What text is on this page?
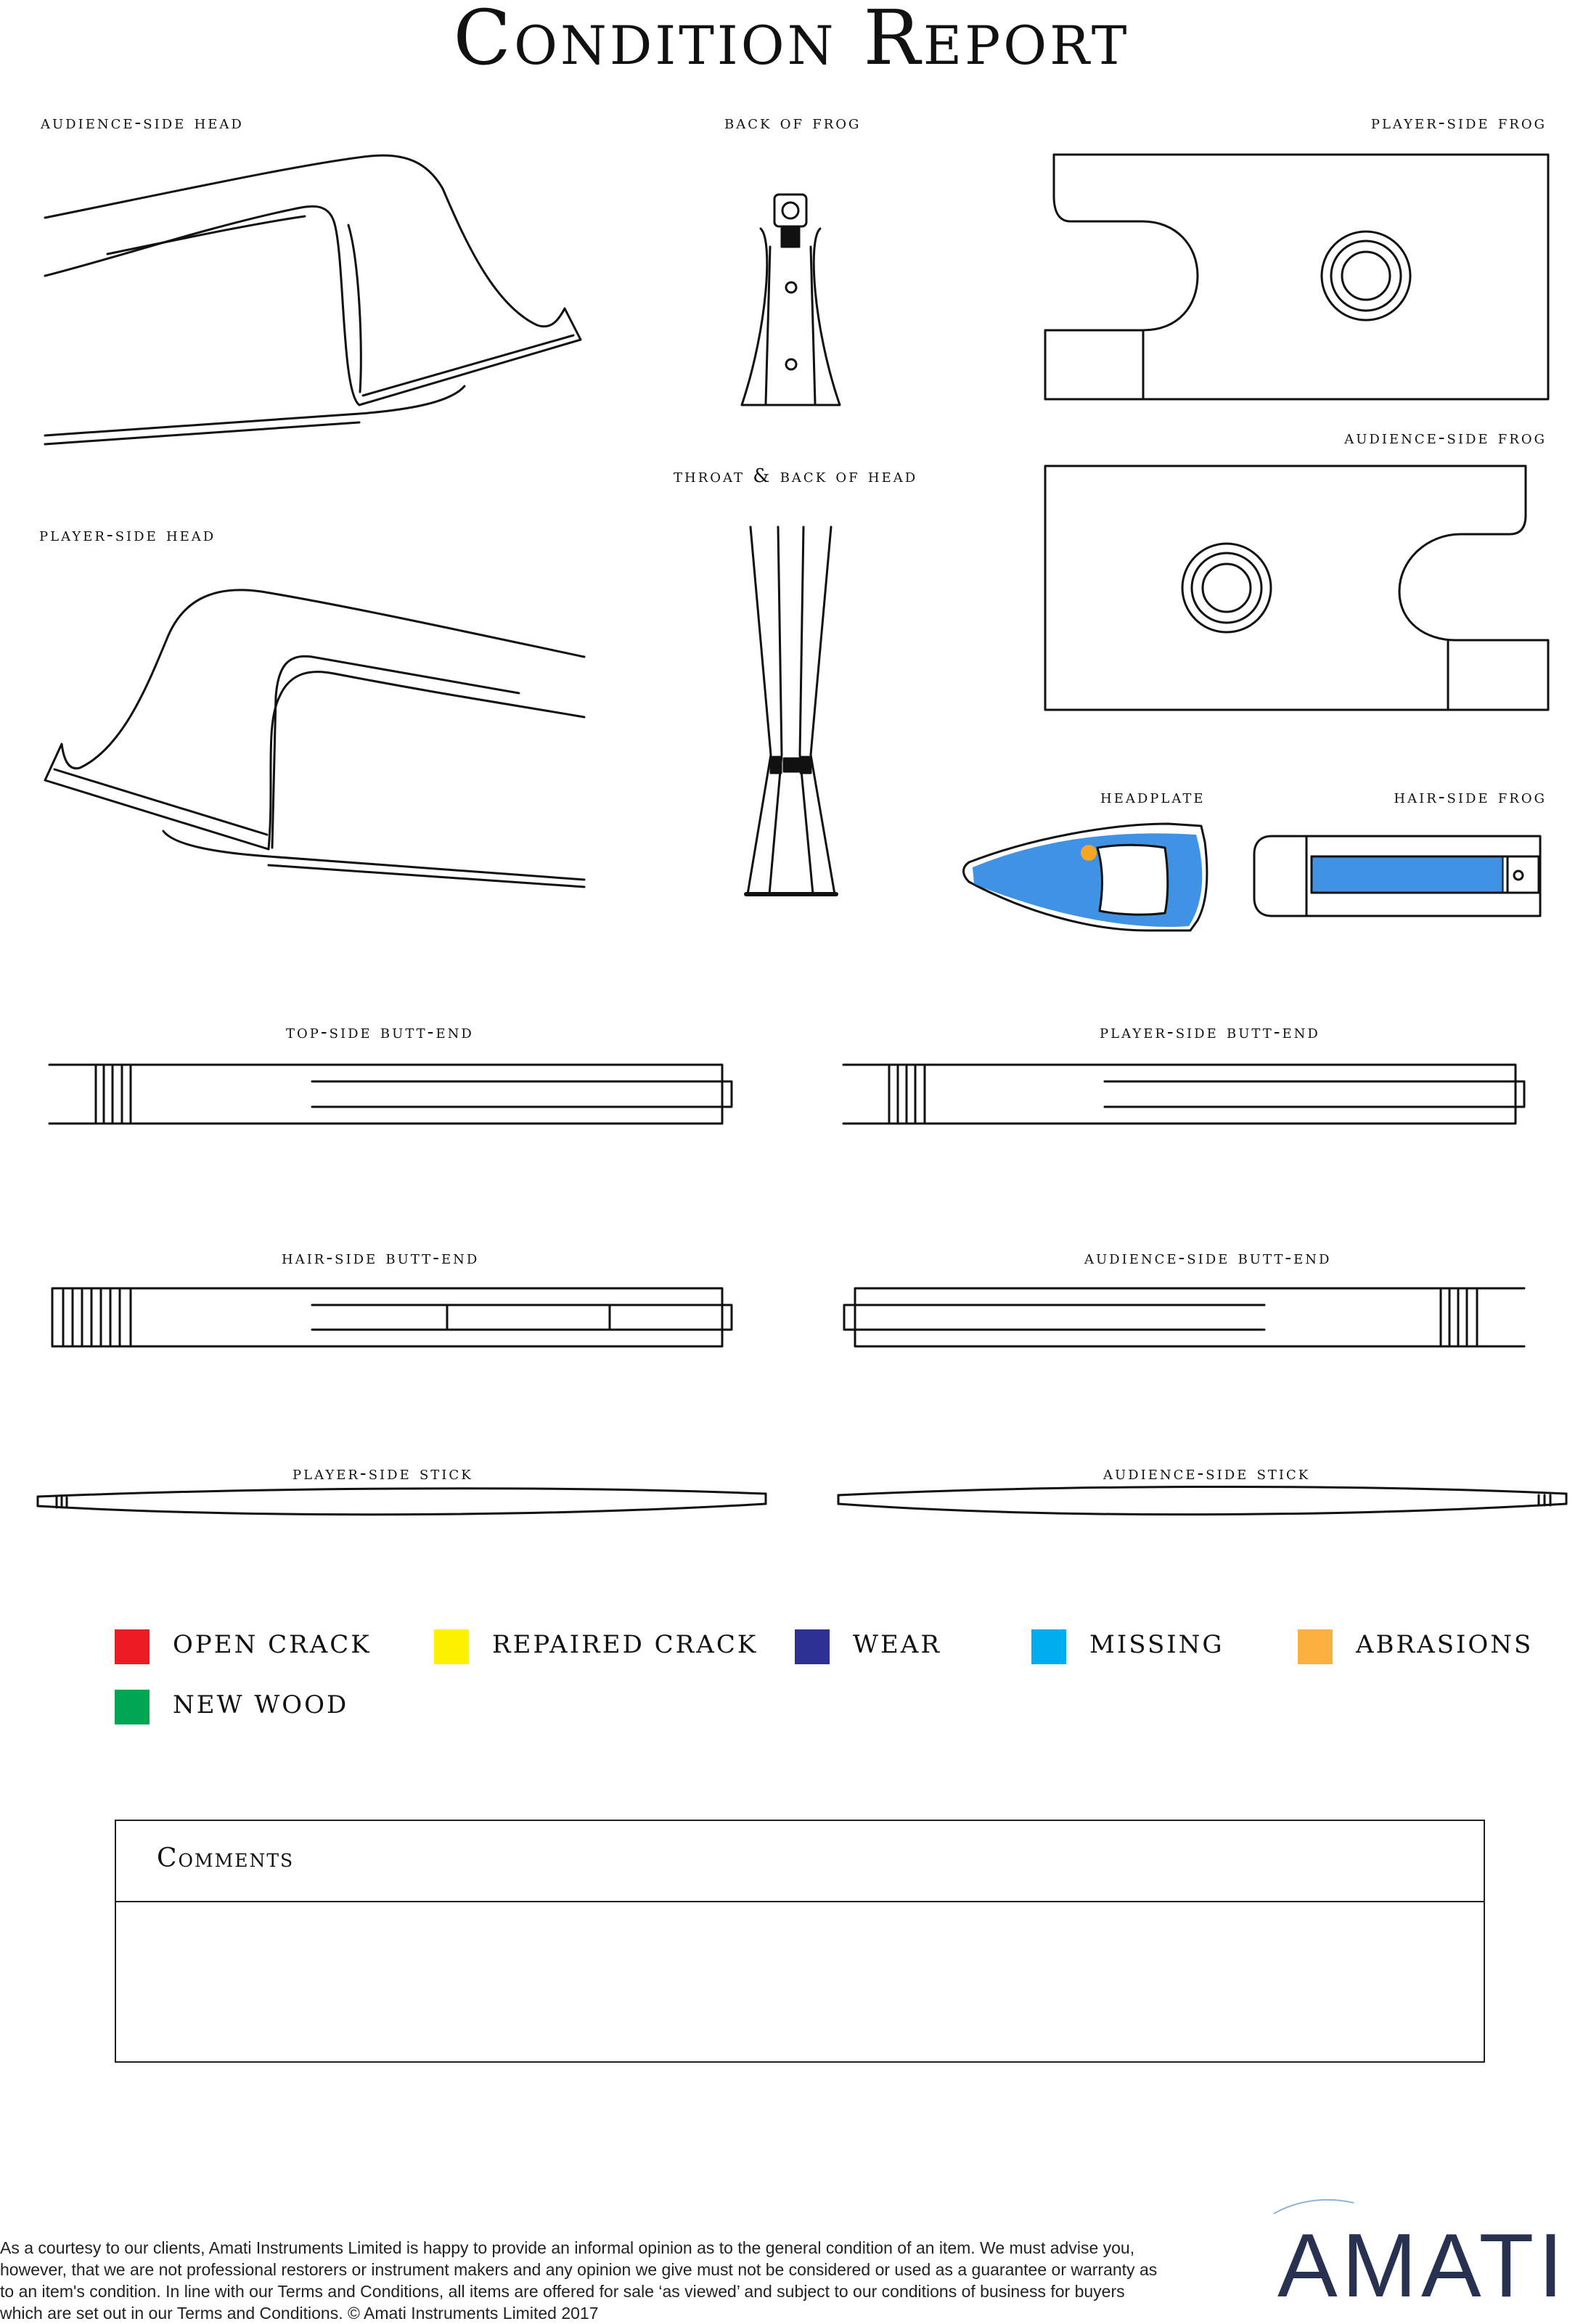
Condition Report
audience-side head	back of frog	player-side frog
throat & back of head
audience-side frog
player-side head
headplate	hair-side frog
top-side butt-end	player-side butt-end
hair-side butt-end	audience-side butt-end
player-side stick	audience-side stick
OPEN CRACK	REPAIRED CRACK	WEAR	MISSING	ABRASIONS
NEW WOOD
Comments
As a courtesy to our clients, Amati Instruments Limited is happy to provide an informal opinion as to the general condition of an item. We must advise you, however, that we are not professional restorers or instrument makers and any opinion we give must not be considered or used as a guarantee or warranty as to an item's condition. In line with our Terms and Conditions, all items are offered for sale ‘as viewed’ and subject to our conditions of business for buyers which are set out in our Terms and Conditions. © Amati Instruments Limited 2017	AMATI
